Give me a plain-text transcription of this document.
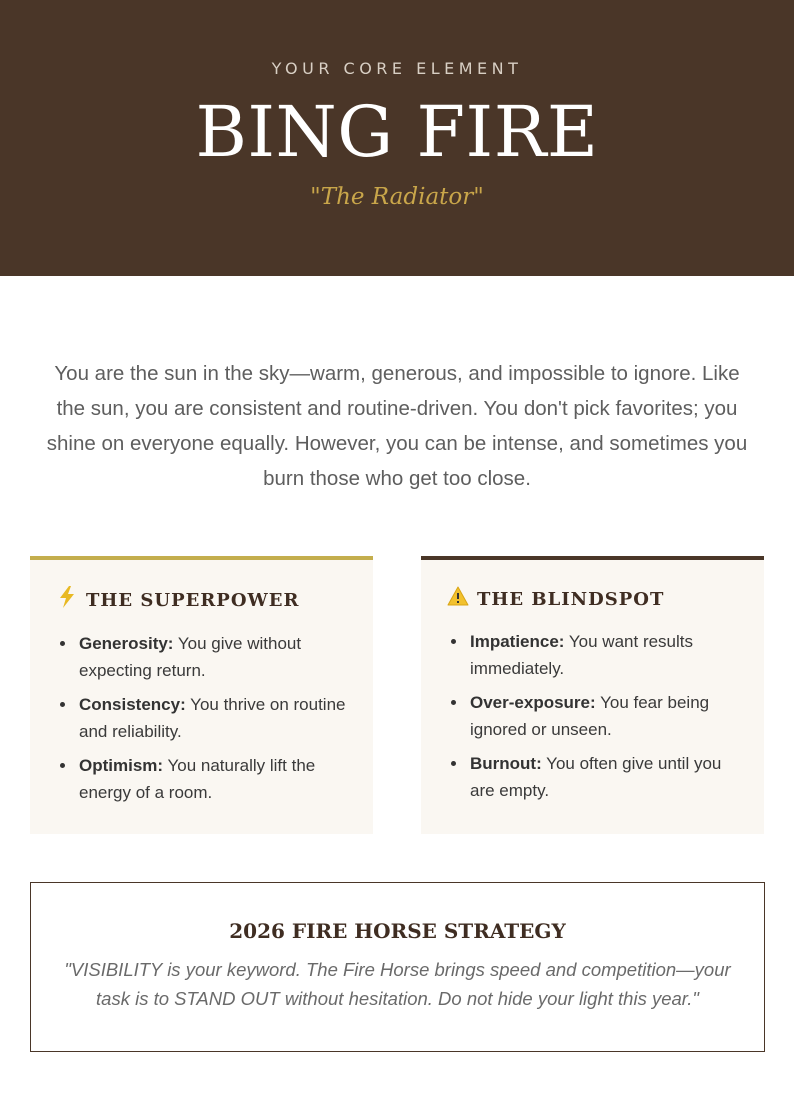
YOUR CORE ELEMENT
BING FIRE
"The Radiator"

You are the sun in the sky—warm, generous, and impossible to ignore. Like the sun, you are consistent and routine-driven. You don't pick favorites; you shine on everyone equally. However, you can be intense, and sometimes you burn those who get too close.

THE SUPERPOWER
Generosity: You give without expecting return.
Consistency: You thrive on routine and reliability.
Optimism: You naturally lift the energy of a room.
THE BLINDSPOT
Impatience: You want results immediately.
Over-exposure: You fear being ignored or unseen.
Burnout: You often give until you are empty.
2026 FIRE HORSE STRATEGY

"VISIBILITY is your keyword. The Fire Horse brings speed and competition—your task is to STAND OUT without hesitation. Do not hide your light this year."
